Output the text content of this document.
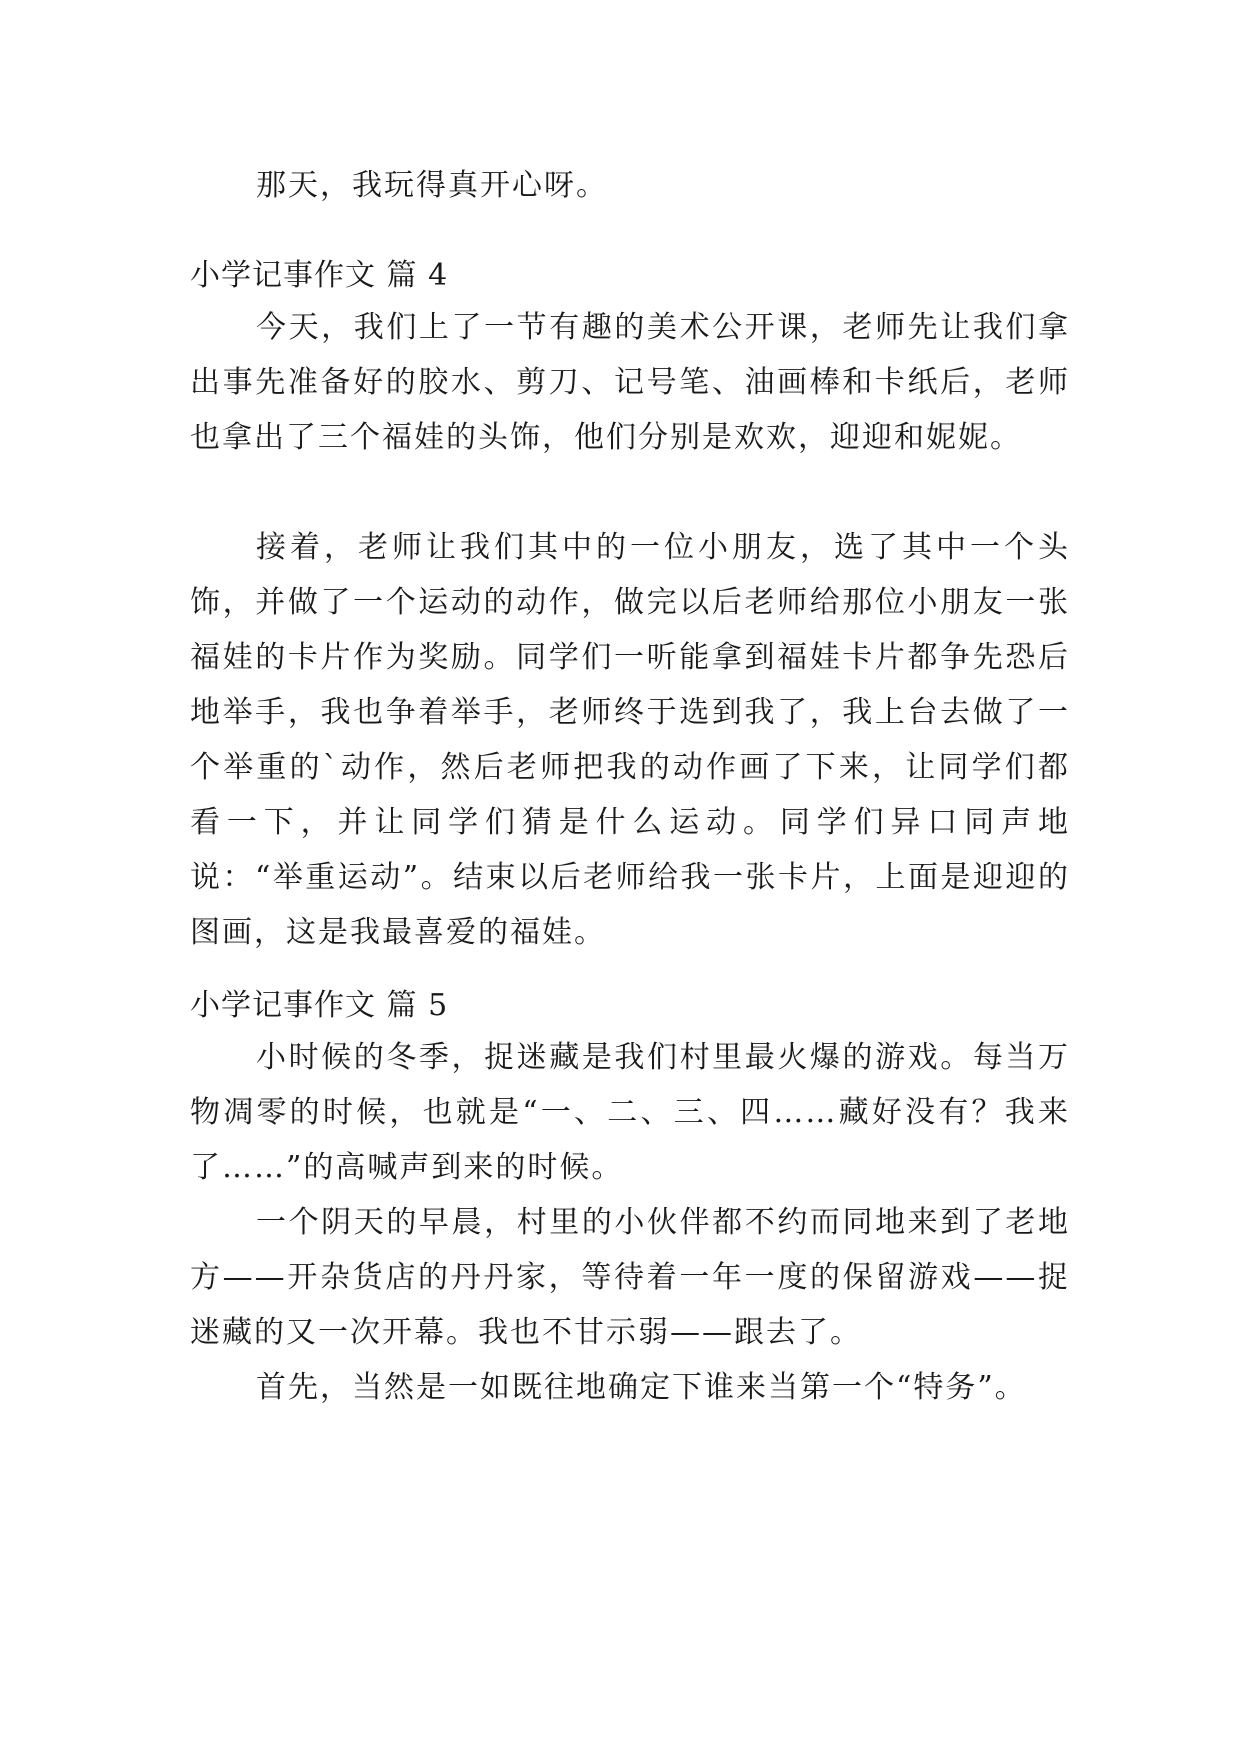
那天，我玩得真开心呀。

小学记事作文 篇 4

今天，我们上了一节有趣的美术公开课，老师先让我们拿出事先准备好的胶水、剪刀、记号笔、油画棒和卡纸后，老师也拿出了三个福娃的头饰，他们分别是欢欢，迎迎和妮妮。

接着，老师让我们其中的一位小朋友，选了其中一个头饰，并做了一个运动的动作，做完以后老师给那位小朋友一张福娃的卡片作为奖励。同学们一听能拿到福娃卡片都争先恐后地举手，我也争着举手，老师终于选到我了，我上台去做了一个举重的`动作，然后老师把我的动作画了下来，让同学们都看一下，并让同学们猜是什么运动。同学们异口同声地说：“举重运动”。结束以后老师给我一张卡片，上面是迎迎的图画，这是我最喜爱的福娃。

小学记事作文 篇 5

小时候的冬季，捉迷藏是我们村里最火爆的游戏。每当万物凋零的时候，也就是“一、二、三、四……藏好没有？我来了……”的高喊声到来的时候。

一个阴天的早晨，村里的小伙伴都不约而同地来到了老地方——开杂货店的丹丹家，等待着一年一度的保留游戏——捉迷藏的又一次开幕。我也不甘示弱——跟去了。

首先，当然是一如既往地确定下谁来当第一个“特务”。
